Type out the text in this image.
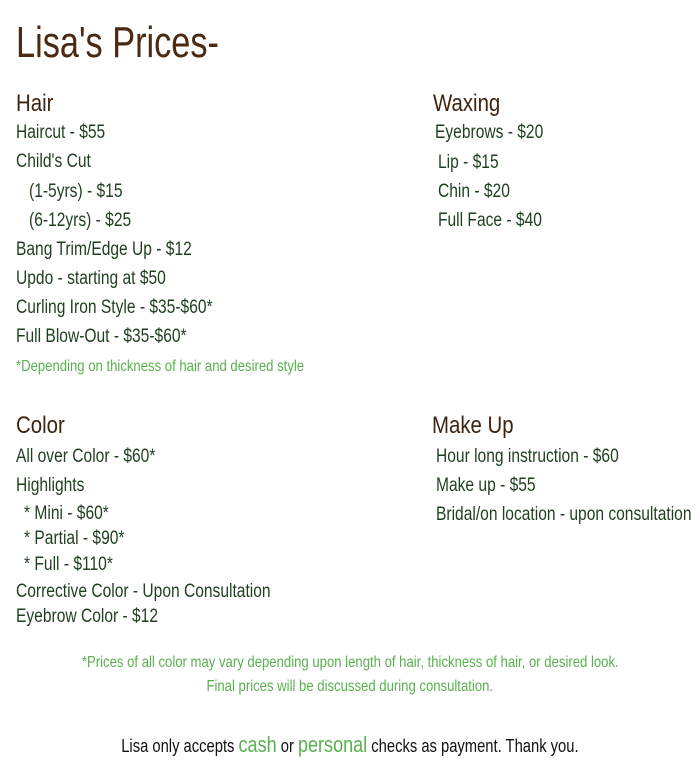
Lisa's Prices-
Hair
Haircut - $55
Child's Cut
(1-5yrs) - $15
(6-12yrs) - $25
Bang Trim/Edge Up - $12
Updo - starting at $50
Curling Iron Style - $35-$60*
Full Blow-Out - $35-$60*
*Depending on thickness of hair and desired style
Waxing
Eyebrows - $20
Lip - $15
Chin - $20
Full Face - $40
Color
All over Color - $60*
Highlights
* Mini - $60*
* Partial - $90*
* Full - $110*
Corrective Color - Upon Consultation
Eyebrow Color - $12
Make Up
Hour long instruction - $60
Make up - $55
Bridal/on location - upon consultation
*Prices of all color may vary depending upon length of hair, thickness of hair, or desired look.
Final prices will be discussed during consultation.
Lisa only accepts cash or personal checks as payment. Thank you.
